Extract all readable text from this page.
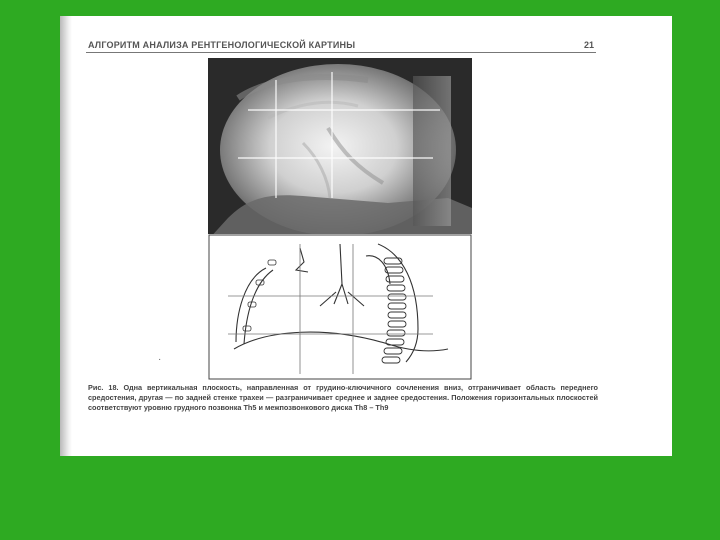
АЛГОРИТМ АНАЛИЗА РЕНТГЕНОЛОГИЧЕСКОЙ КАРТИНЫ	21
·
Рис. 18. Одна вертикальная плоскость, направленная от грудино-ключичного сочленения вниз, отграничивает область переднего средостения, другая — по задней стенке трахеи — разграничивает среднее и заднее средостения. Положения горизонтальных плоскостей соответствуют уровню грудного позвонка Th5 и межпозвонкового диска Th8 – Th9
